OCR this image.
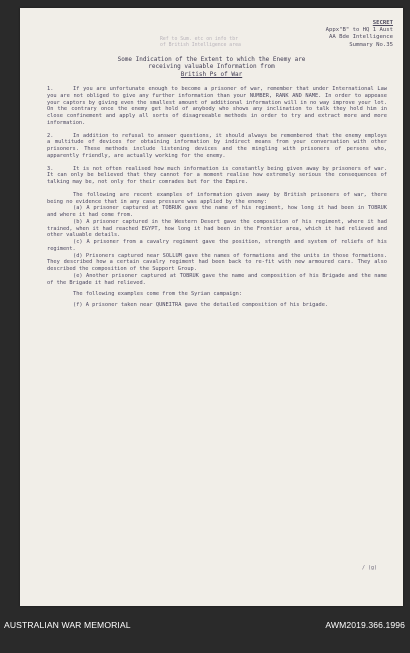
SECRET
Appx"B" to HQ 1 Aust
AA Bde Intelligence
Summary No.35
Ref to Sum. etc on info tbr
of British Intelligence area
Some Indication of the Extent to which the Enemy are
receiving valuable Information from
British Ps of War

1.	If you are unfortunate enough to become a prisoner of war, remember that under International Law you are not obliged to give any further information than your NUMBER, RANK AND NAME. In order to appease your captors by giving even the smallest amount of additional information will in no way improve your lot. On the contrary once the enemy get hold of anybody who shows any inclination to talk they hold him in close confinement and apply all sorts of disagreeable methods in order to try and extract more and more information.

2.	In addition to refusal to answer questions, it should always be remembered that the enemy employs a multitude of devices for obtaining information by indirect means from your conversation with other prisoners. These methods include listening devices and the mingling with prisoners of persons who, apparently friendly, are actually working for the enemy.

3.	It is not often realised how much information is constantly being given away by prisoners of war. It can only be believed that they cannot for a moment realise how extremely serious the consequences of talking may be, not only for their comrades but for the Empire.

The following are recent examples of information given away by British prisoners of war, there being no evidence that in any case pressure was applied by the enemy:

(a) A prisoner captured at TOBRUK gave the name of his regiment, how long it had been in TOBRUK and where it had come from.

(b) A prisoner captured in the Western Desert gave the composition of his regiment, where it had trained, when it had reached EGYPT, how long it had been in the Frontier area, which it had relieved and other valuable details.

(c) A prisoner from a cavalry regiment gave the position, strength and system of reliefs of his regiment.

(d) Prisoners captured near SOLLUM gave the names of formations and the units in those formations. They described how a certain cavalry regiment had been back to re-fit with new armoured cars. They also described the composition of the Support Group.

(e) Another prisoner captured at TOBRUK gave the name and composition of his Brigade and the name of the Brigade it had relieved.

The following examples come from the Syrian campaign:

(f) A prisoner taken near QUNEITRA gave the detailed composition of his brigade.

/ (g)
AUSTRALIAN WAR MEMORIAL	AWM2019.366.1996
